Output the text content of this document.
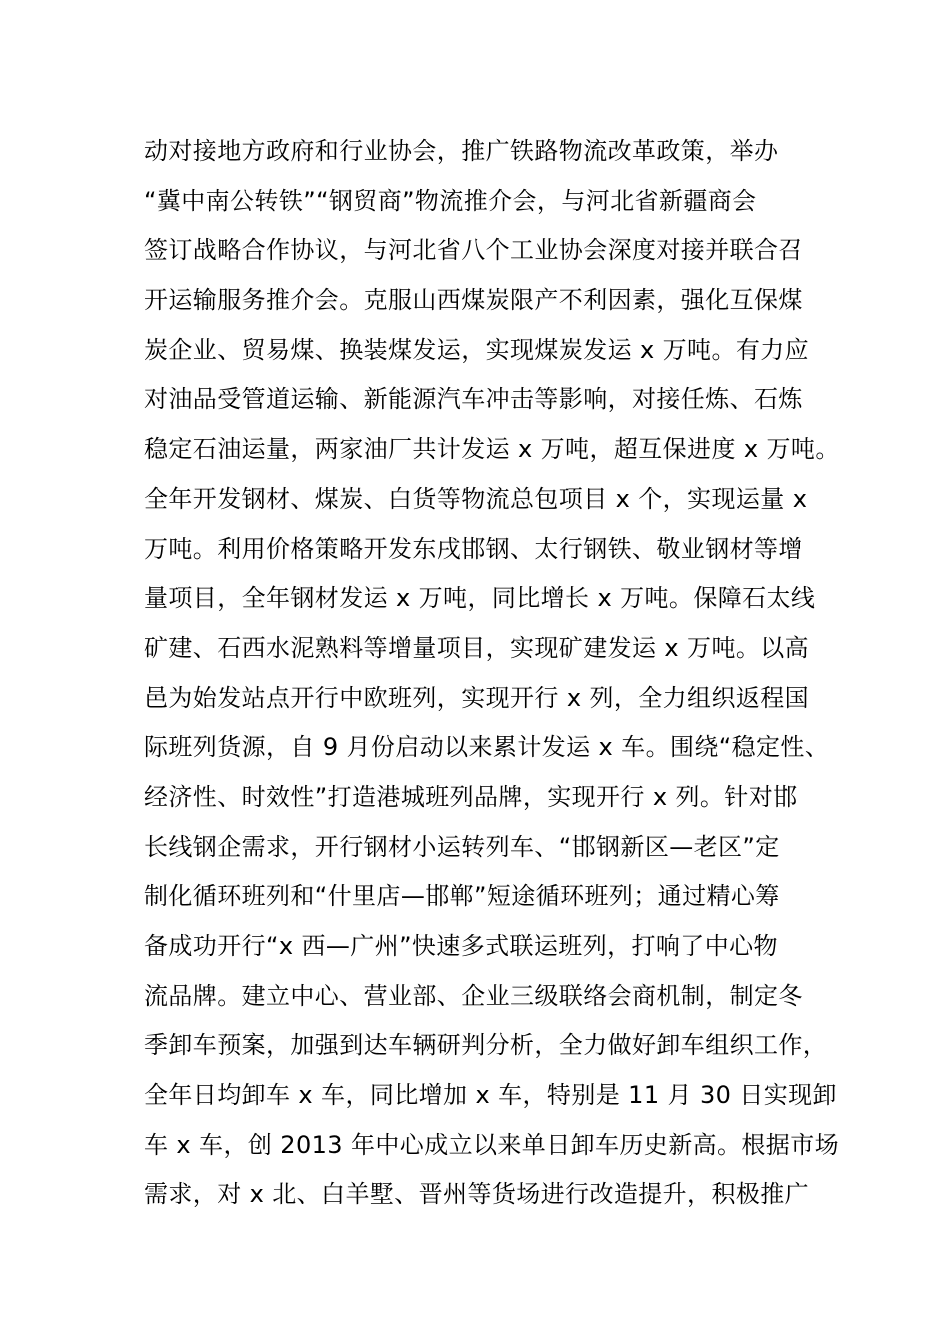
动对接地方政府和行业协会，推广铁路物流改革政策，举办
“冀中南公转铁”“钢贸商”物流推介会，与河北省新疆商会
签订战略合作协议，与河北省八个工业协会深度对接并联合召
开运输服务推介会。克服山西煤炭限产不利因素，强化互保煤
炭企业、贸易煤、换装煤发运，实现煤炭发运 x 万吨。有力应
对油品受管道运输、新能源汽车冲击等影响，对接任炼、石炼
稳定石油运量，两家油厂共计发运 x 万吨，超互保进度 x 万吨。
全年开发钢材、煤炭、白货等物流总包项目 x 个，实现运量 x
万吨。利用价格策略开发东戌邯钢、太行钢铁、敬业钢材等增
量项目，全年钢材发运 x 万吨，同比增长 x 万吨。保障石太线
矿建、石西水泥熟料等增量项目，实现矿建发运 x 万吨。以高
邑为始发站点开行中欧班列，实现开行 x 列，全力组织返程国
际班列货源，自 9 月份启动以来累计发运 x 车。围绕“稳定性、
经济性、时效性”打造港城班列品牌，实现开行 x 列。针对邯
长线钢企需求，开行钢材小运转列车、“邯钢新区—老区”定
制化循环班列和“什里店—邯郸”短途循环班列；通过精心筹
备成功开行“x 西—广州”快速多式联运班列，打响了中心物
流品牌。建立中心、营业部、企业三级联络会商机制，制定冬
季卸车预案，加强到达车辆研判分析，全力做好卸车组织工作，
全年日均卸车 x 车，同比增加 x 车，特别是 11 月 30 日实现卸
车 x 车，创 2013 年中心成立以来单日卸车历史新高。根据市场
需求，对 x 北、白羊墅、晋州等货场进行改造提升，积极推广
